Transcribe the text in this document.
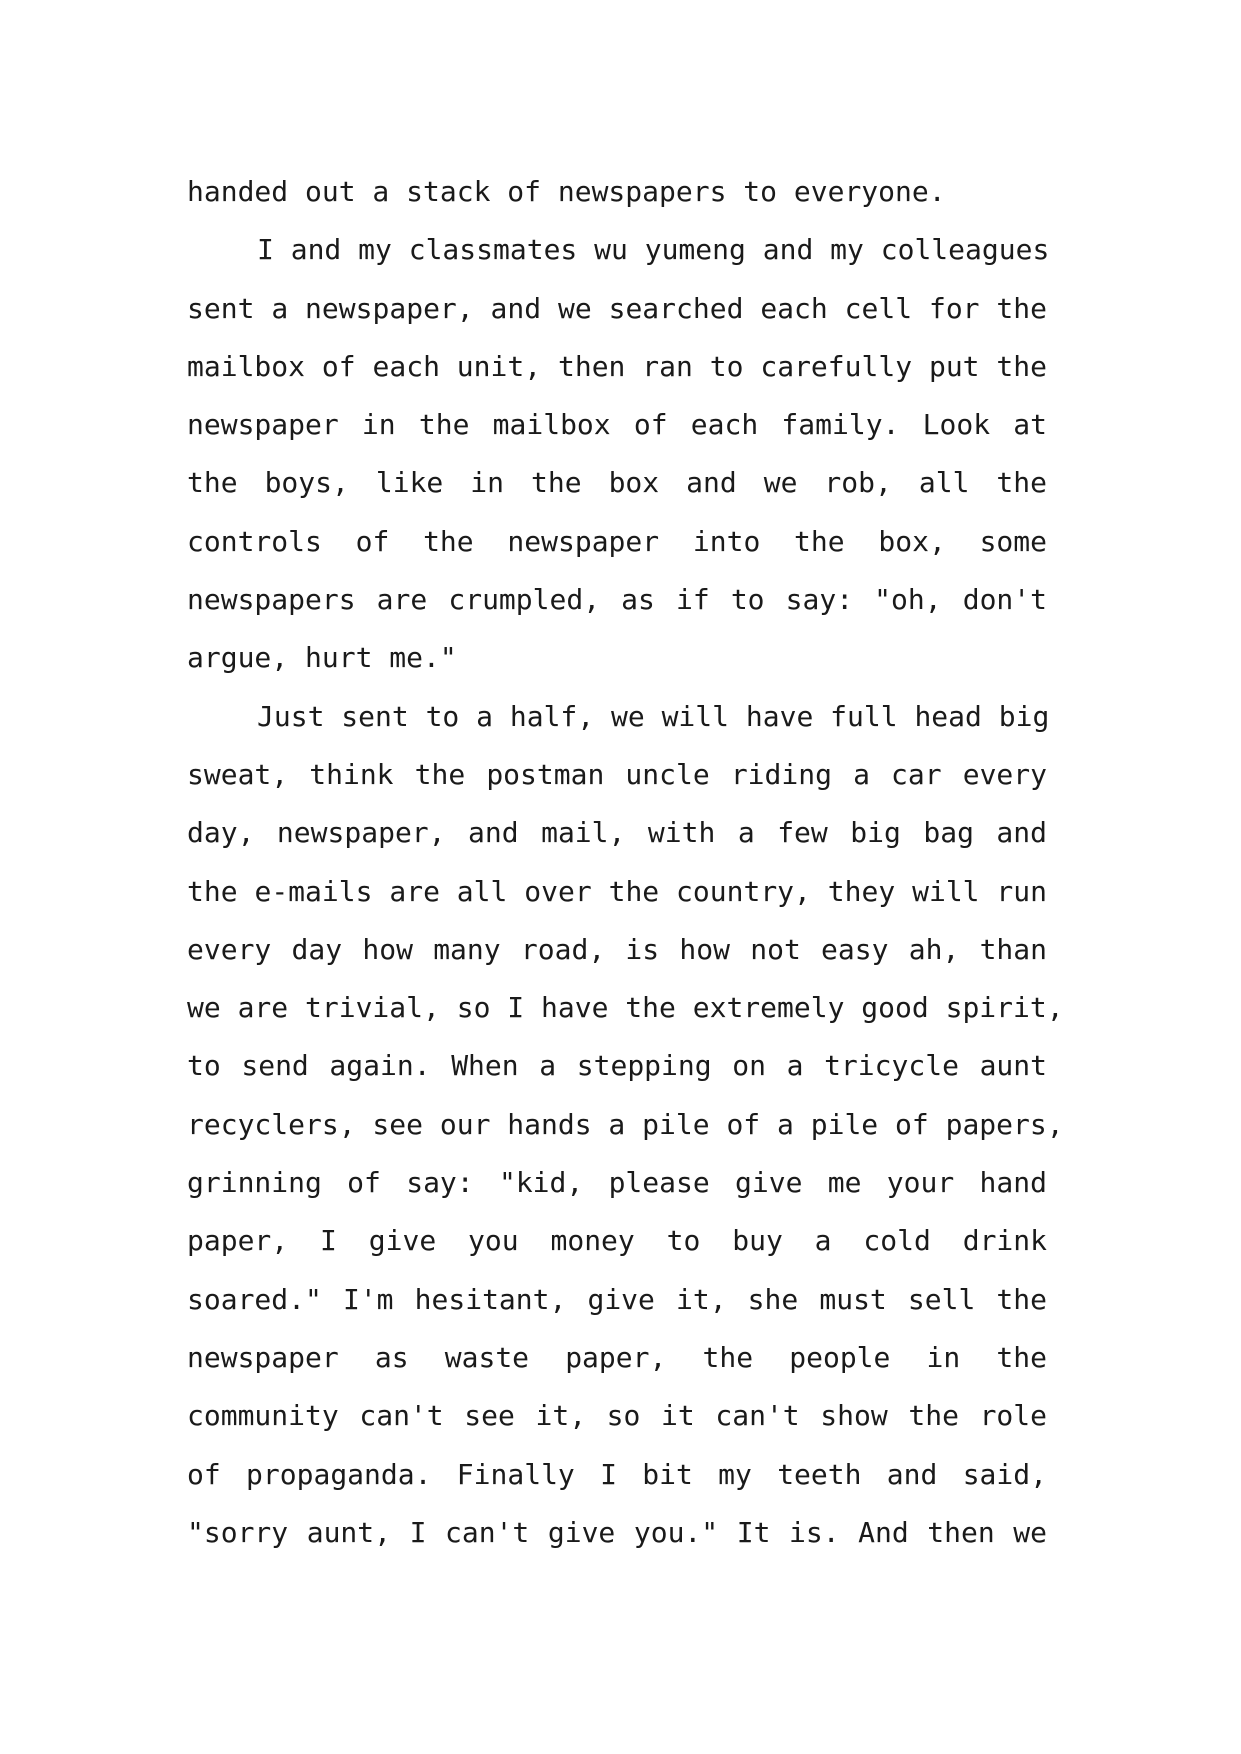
handed out a stack of newspapers to everyone.
I and my classmates wu yumeng and my colleagues
sent a newspaper, and we searched each cell for the
mailbox of each unit, then ran to carefully put the
newspaper in the mailbox of each family. Look at
the boys, like in the box and we rob, all the
controls of the newspaper into the box, some
newspapers are crumpled, as if to say: "oh, don't
argue, hurt me."
Just sent to a half, we will have full head big
sweat, think the postman uncle riding a car every
day, newspaper, and mail, with a few big bag and
the e-mails are all over the country, they will run
every day how many road, is how not easy ah, than
we are trivial, so I have the extremely good spirit,
to send again. When a stepping on a tricycle aunt
recyclers, see our hands a pile of a pile of papers,
grinning of say: "kid, please give me your hand
paper, I give you money to buy a cold drink
soared." I'm hesitant, give it, she must sell the
newspaper as waste paper, the people in the
community can't see it, so it can't show the role
of propaganda. Finally I bit my teeth and said,
"sorry aunt, I can't give you." It is. And then we
